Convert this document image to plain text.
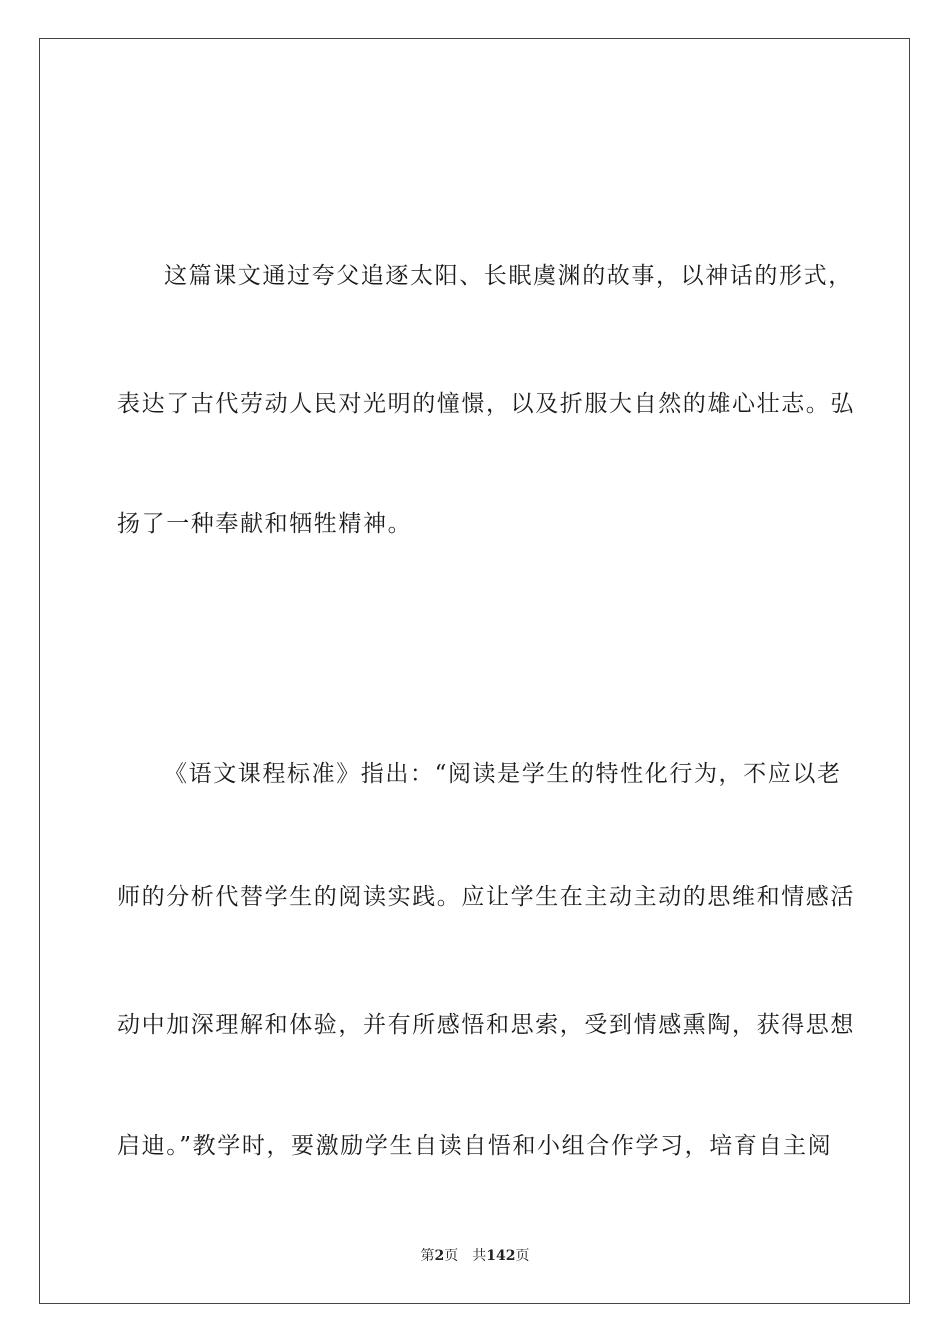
这篇课文通过夸父追逐太阳、长眠虞渊的故事，以神话的形式，
表达了古代劳动人民对光明的憧憬，以及折服大自然的雄心壮志。弘
扬了一种奉献和牺牲精神。
《语文课程标准》指出：“阅读是学生的特性化行为，不应以老
师的分析代替学生的阅读实践。应让学生在主动主动的思维和情感活
动中加深理解和体验，并有所感悟和思索，受到情感熏陶，获得思想
启迪。”教学时，要激励学生自读自悟和小组合作学习，培育自主阅
第2页 共142页
